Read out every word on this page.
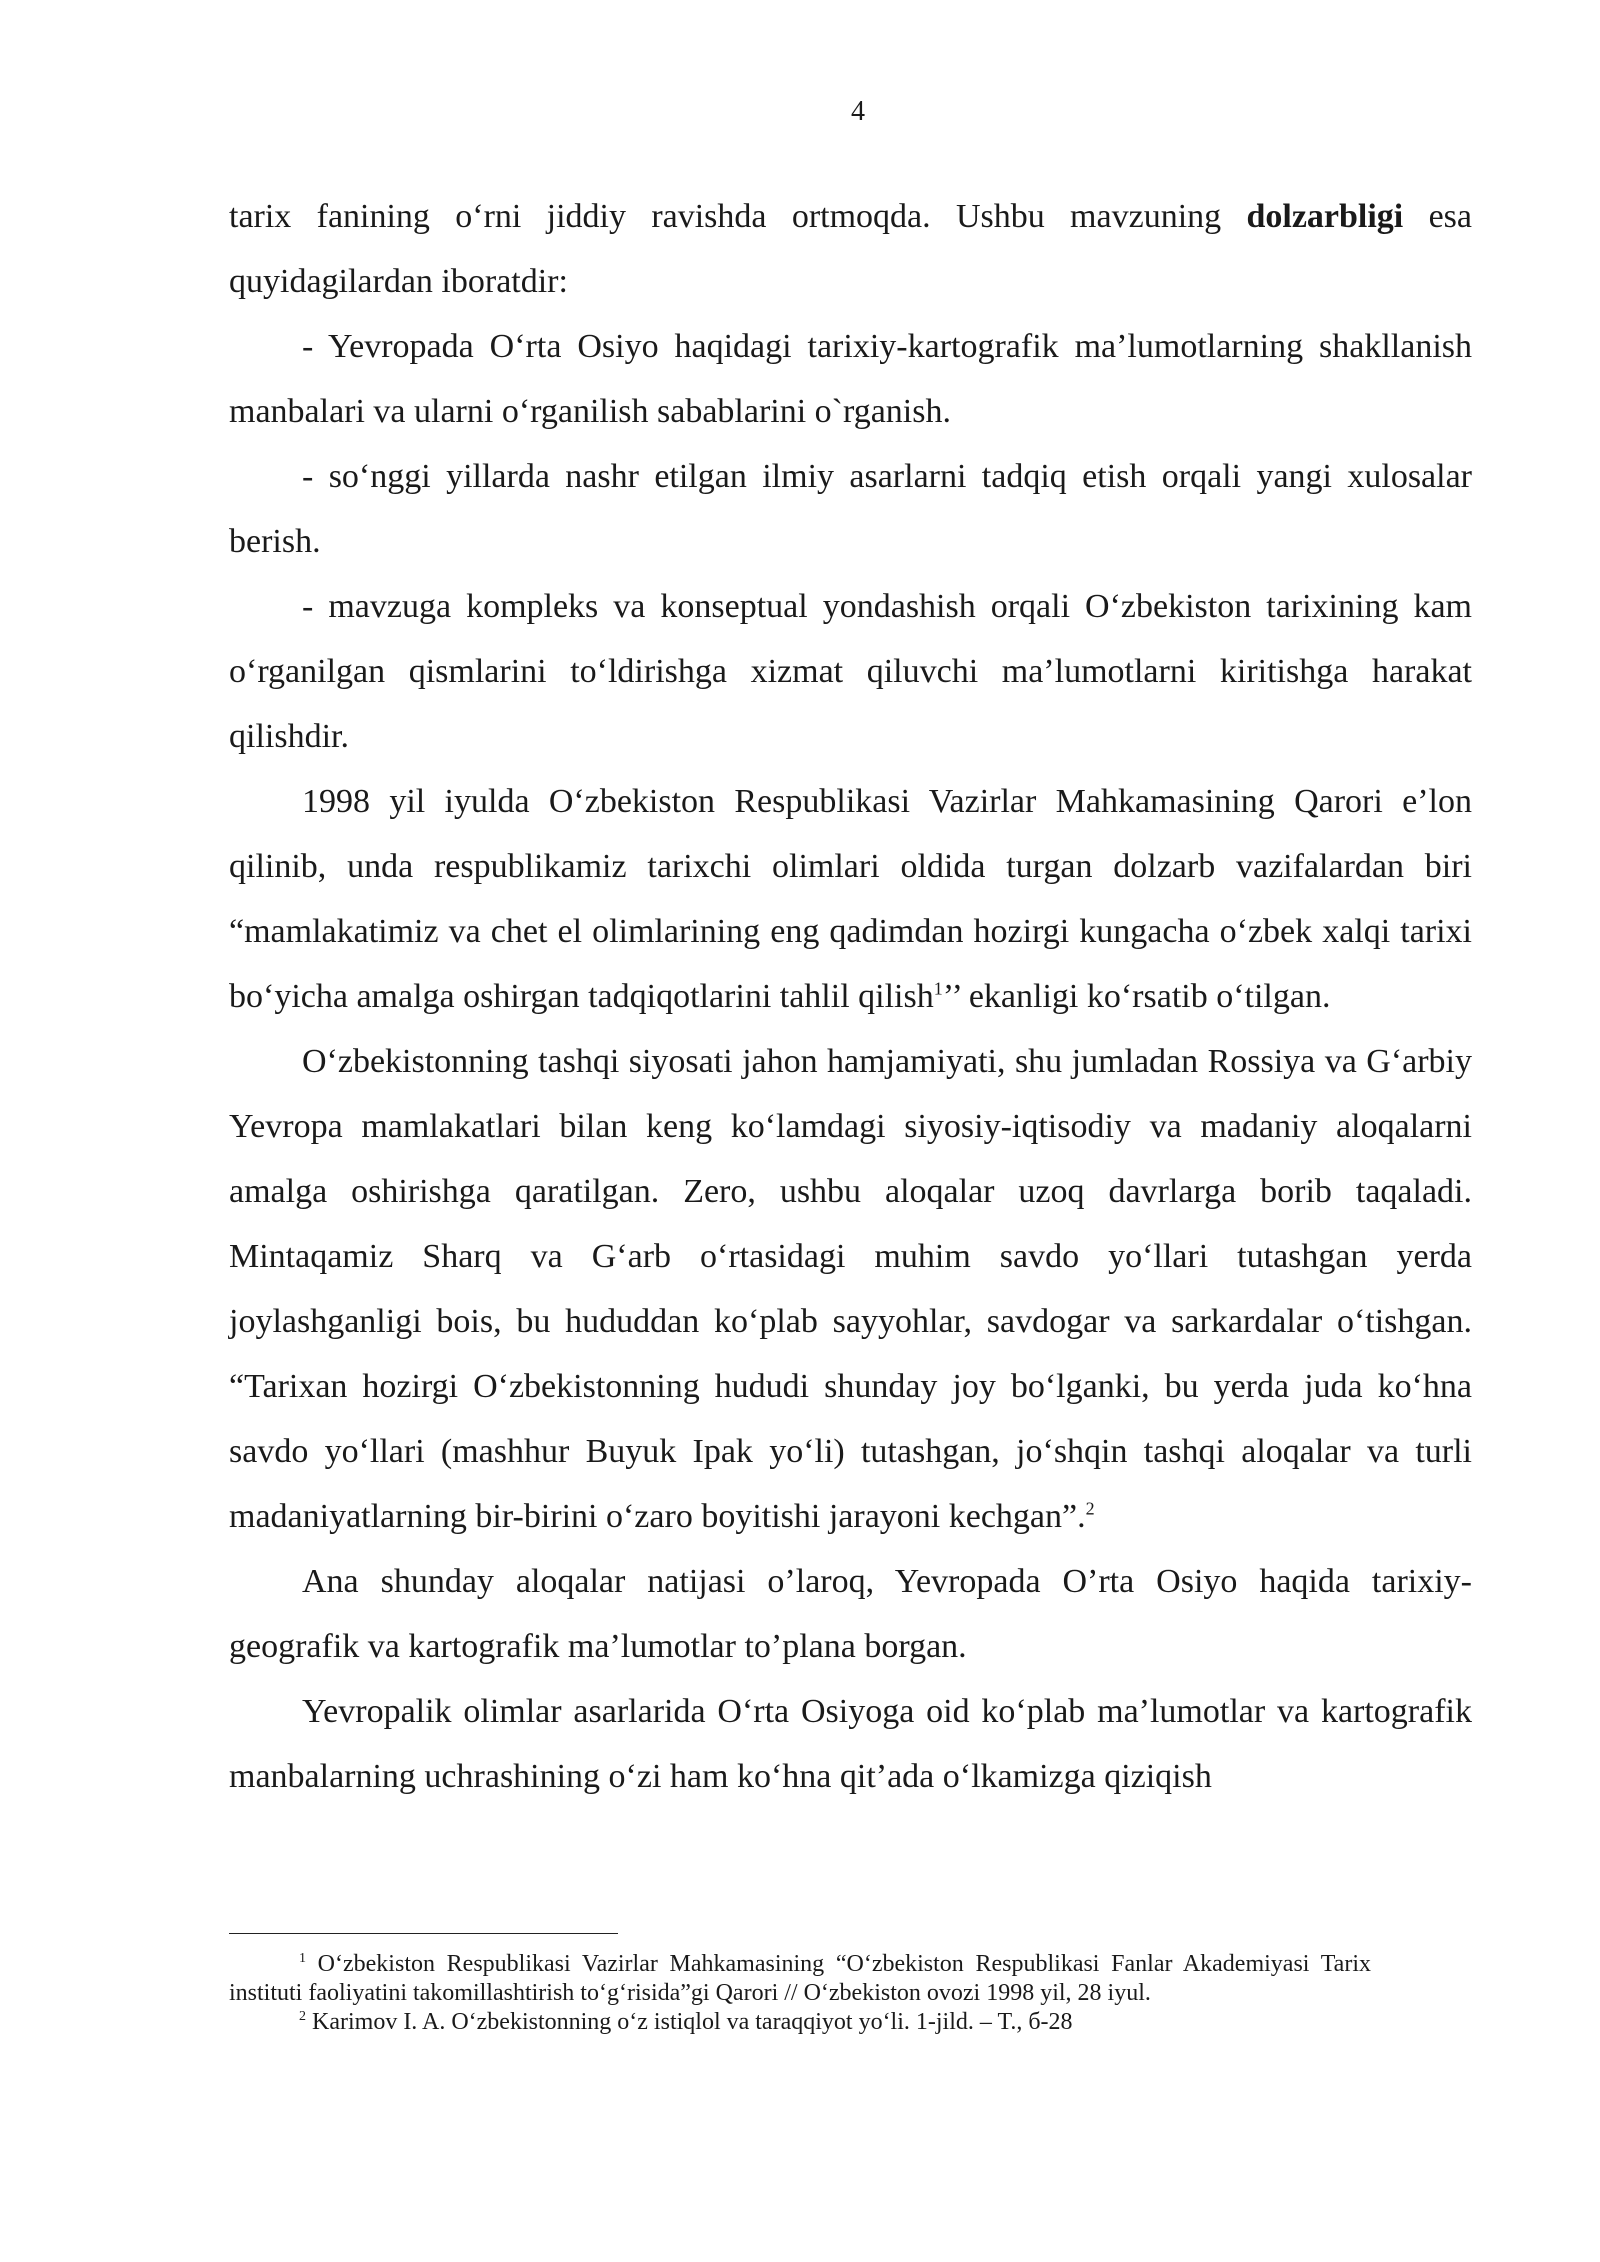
4

tarix fanining o‘rni jiddiy ravishda ortmoqda. Ushbu mavzuning dolzarbligi esa quyidagilardan iboratdir:

- Yevropada O‘rta Osiyo haqidagi tarixiy-kartografik ma’lumotlarning shakllanish manbalari va ularni o‘rganilish sabablarini o`rganish.

- so‘nggi yillarda nashr etilgan ilmiy asarlarni tadqiq etish orqali yangi xulosalar berish.

- mavzuga kompleks va konseptual yondashish orqali O‘zbekiston tarixining kam o‘rganilgan qismlarini to‘ldirishga xizmat qiluvchi ma’lumotlarni kiritishga harakat qilishdir.

1998 yil iyulda O‘zbekiston Respublikasi Vazirlar Mahkamasining Qarori e’lon qilinib, unda respublikamiz tarixchi olimlari oldida turgan dolzarb vazifalardan biri “mamlakatimiz va chet el olimlarining eng qadimdan hozirgi kungacha o‘zbek xalqi tarixi bo‘yicha amalga oshirgan tadqiqotlarini tahlil qilish$^1$’’ ekanligi ko‘rsatib o‘tilgan.

O‘zbekistonning tashqi siyosati jahon hamjamiyati, shu jumladan Rossiya va G‘arbiy Yevropa mamlakatlari bilan keng ko‘lamdagi siyosiy-iqtisodiy va madaniy aloqalarni amalga oshirishga qaratilgan. Zero, ushbu aloqalar uzoq davrlarga borib taqaladi. Mintaqamiz Sharq va G‘arb o‘rtasidagi muhim savdo yo‘llari tutashgan yerda joylashganligi bois, bu hududdan ko‘plab sayyohlar, savdogar va sarkardalar o‘tishgan. “Tarixan hozirgi O‘zbekistonning hududi shunday joy bo‘lganki, bu yerda juda ko‘hna savdo yo‘llari (mashhur Buyuk Ipak yo‘li) tutashgan, jo‘shqin tashqi aloqalar va turli madaniyatlarning bir-birini o‘zaro boyitishi jarayoni kechgan”.$^2$

Ana shunday aloqalar natijasi o’laroq, Yevropada O’rta Osiyo haqida tarixiy-geografik va kartografik ma’lumotlar to’plana borgan.

Yevropalik olimlar asarlarida O‘rta Osiyoga oid ko‘plab ma’lumotlar va kartografik manbalarning uchrashining o‘zi ham ko‘hna qit’ada o‘lkamizga qiziqish

$^1$ O‘zbekiston Respublikasi Vazirlar Mahkamasining “O‘zbekiston Respublikasi Fanlar Akademiyasi Tarix instituti faoliyatini takomillashtirish to‘g‘risida”gi Qarori // O‘zbekiston ovozi 1998 yil, 28 iyul.

$^2$ Karimov I. A. O‘zbekistonning o‘z istiqlol va taraqqiyot yo‘li. 1-jild. – T., б-28
